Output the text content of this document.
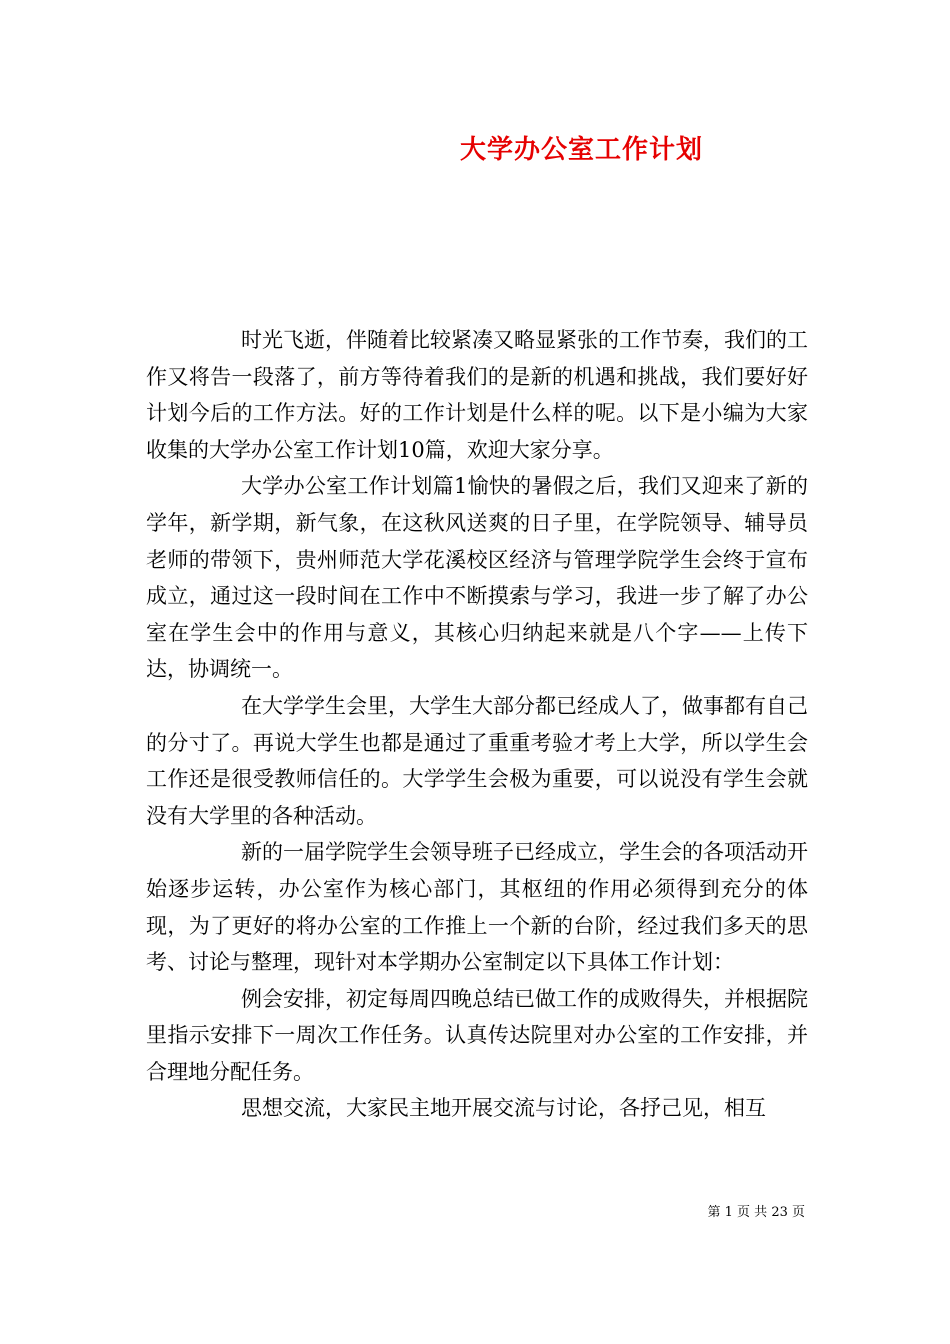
大学办公室工作计划

时光飞逝，伴随着比较紧凑又略显紧张的工作节奏，我们的工作又将告一段落了，前方等待着我们的是新的机遇和挑战，我们要好好计划今后的工作方法。好的工作计划是什么样的呢。以下是小编为大家收集的大学办公室工作计划10篇，欢迎大家分享。

大学办公室工作计划篇1愉快的暑假之后，我们又迎来了新的学年，新学期，新气象，在这秋风送爽的日子里，在学院领导、辅导员老师的带领下，贵州师范大学花溪校区经济与管理学院学生会终于宣布成立，通过这一段时间在工作中不断摸索与学习，我进一步了解了办公室在学生会中的作用与意义，其核心归纳起来就是八个字——上传下达，协调统一。

在大学学生会里，大学生大部分都已经成人了，做事都有自己的分寸了。再说大学生也都是通过了重重考验才考上大学，所以学生会工作还是很受教师信任的。大学学生会极为重要，可以说没有学生会就没有大学里的各种活动。

新的一届学院学生会领导班子已经成立，学生会的各项活动开始逐步运转，办公室作为核心部门，其枢纽的作用必须得到充分的体现，为了更好的将办公室的工作推上一个新的台阶，经过我们多天的思考、讨论与整理，现针对本学期办公室制定以下具体工作计划：

例会安排，初定每周四晚总结已做工作的成败得失，并根据院里指示安排下一周次工作任务。认真传达院里对办公室的工作安排，并合理地分配任务。

思想交流，大家民主地开展交流与讨论，各抒己见，相互

第 1 页 共 23 页
